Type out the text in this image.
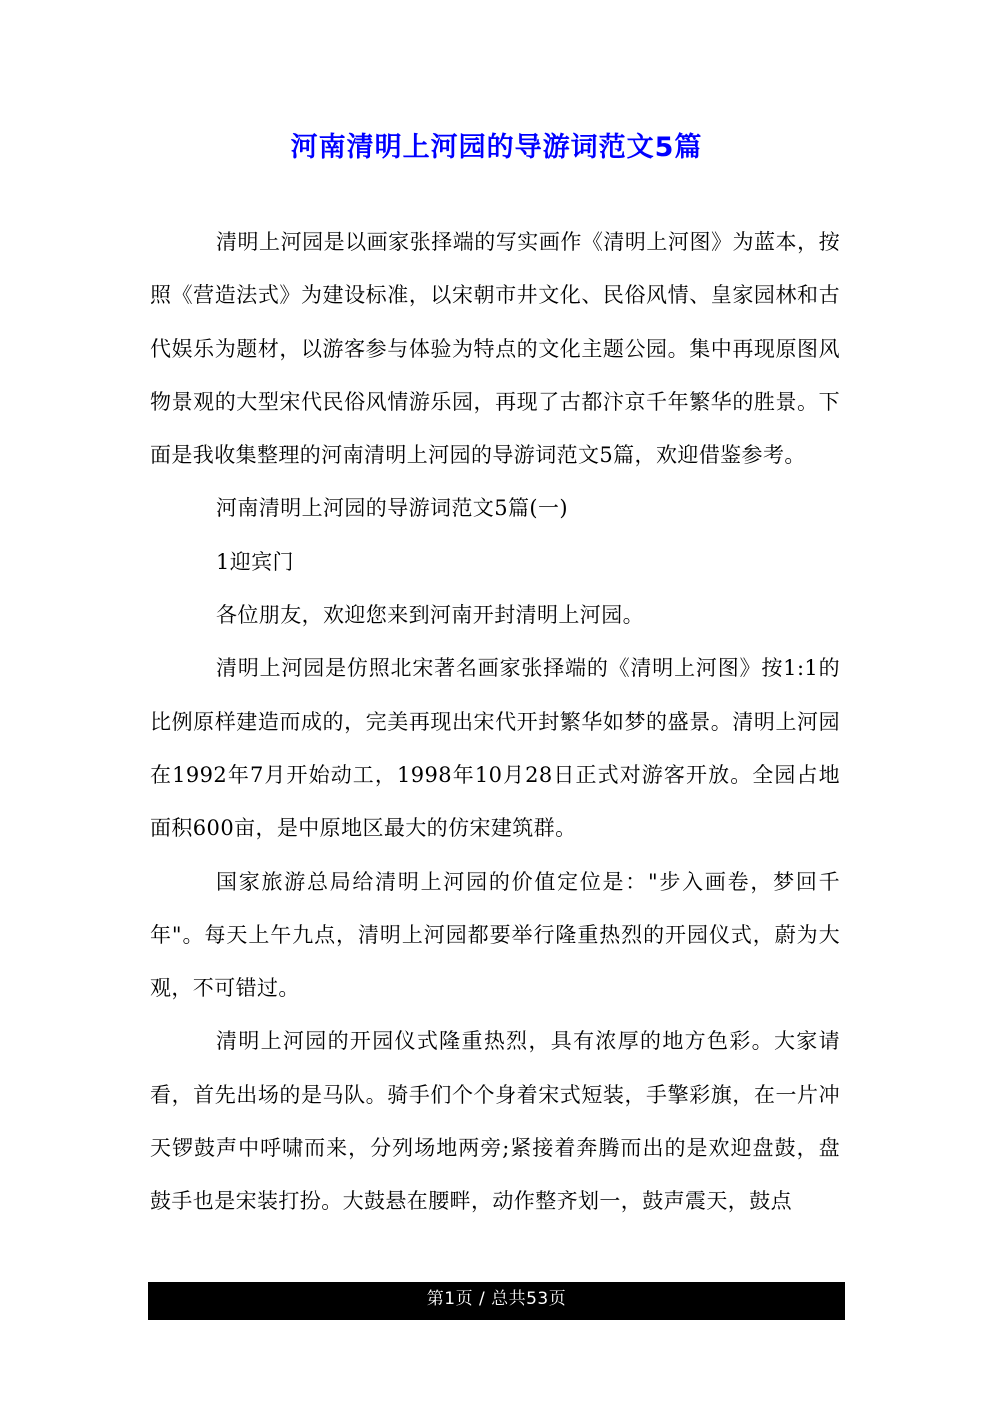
河南清明上河园的导游词范文5篇

清明上河园是以画家张择端的写实画作《清明上河图》为蓝本，按照《营造法式》为建设标准，以宋朝市井文化、民俗风情、皇家园林和古代娱乐为题材，以游客参与体验为特点的文化主题公园。集中再现原图风物景观的大型宋代民俗风情游乐园，再现了古都汴京千年繁华的胜景。下面是我收集整理的河南清明上河园的导游词范文5篇，欢迎借鉴参考。

河南清明上河园的导游词范文5篇(一)

1迎宾门

各位朋友，欢迎您来到河南开封清明上河园。

清明上河园是仿照北宋著名画家张择端的《清明上河图》按1:1的比例原样建造而成的，完美再现出宋代开封繁华如梦的盛景。清明上河园在1992年7月开始动工，1998年10月28日正式对游客开放。全园占地面积600亩，是中原地区最大的仿宋建筑群。

国家旅游总局给清明上河园的价值定位是："步入画卷，梦回千年"。每天上午九点，清明上河园都要举行隆重热烈的开园仪式，蔚为大观，不可错过。

清明上河园的开园仪式隆重热烈，具有浓厚的地方色彩。大家请看，首先出场的是马队。骑手们个个身着宋式短装，手擎彩旗，在一片冲天锣鼓声中呼啸而来，分列场地两旁;紧接着奔腾而出的是欢迎盘鼓，盘鼓手也是宋装打扮。大鼓悬在腰畔，动作整齐划一，鼓声震天，鼓点

第1页 / 总共53页
